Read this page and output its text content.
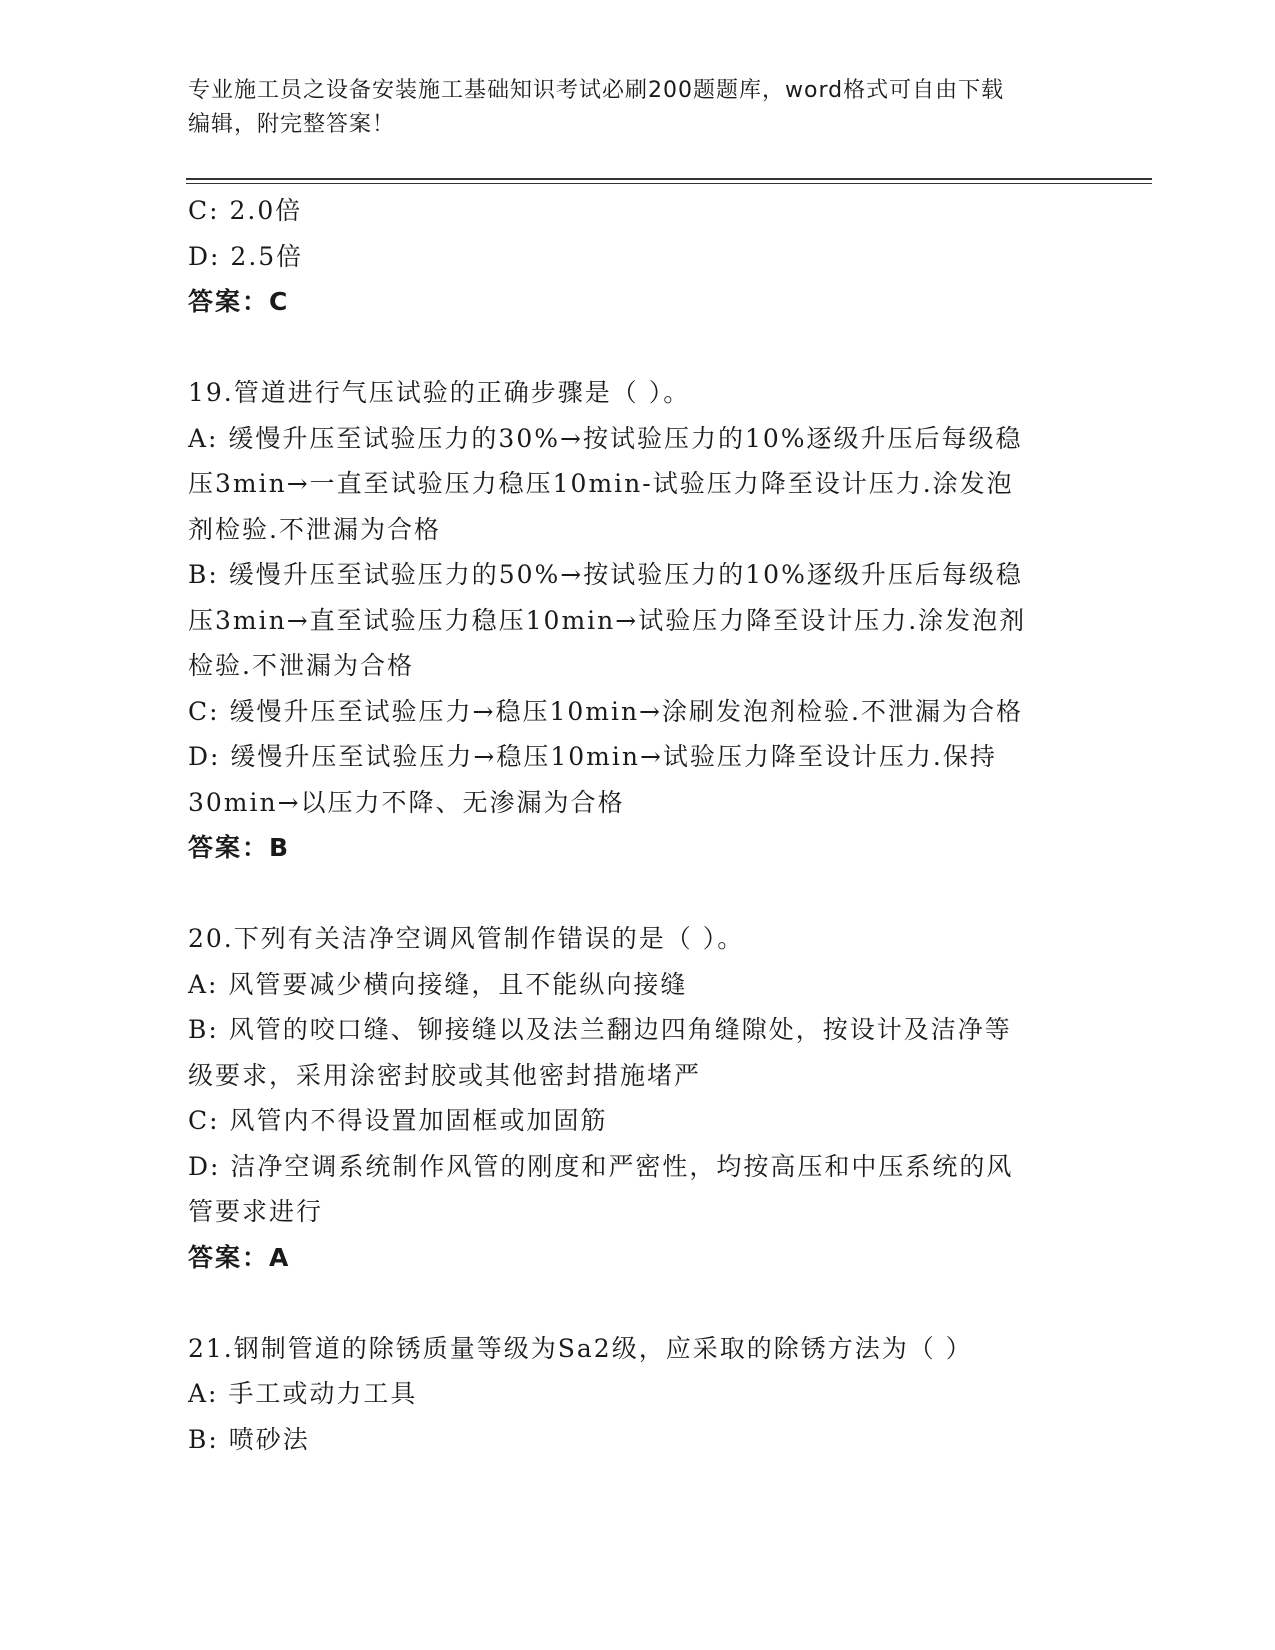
专业施工员之设备安装施工基础知识考试必刷200题题库，word格式可自由下载
编辑，附完整答案！
C: 2.0倍
D: 2.5倍
答案：C
19.管道进行气压试验的正确步骤是（ ）。
A: 缓慢升压至试验压力的30%→按试验压力的10%逐级升压后每级稳
压3min→一直至试验压力稳压10min-试验压力降至设计压力.涂发泡
剂检验.不泄漏为合格
B: 缓慢升压至试验压力的50%→按试验压力的10%逐级升压后每级稳
压3min→直至试验压力稳压10min→试验压力降至设计压力.涂发泡剂
检验.不泄漏为合格
C: 缓慢升压至试验压力→稳压10min→涂刷发泡剂检验.不泄漏为合格
D: 缓慢升压至试验压力→稳压10min→试验压力降至设计压力.保持
30min→以压力不降、无渗漏为合格
答案：B
20.下列有关洁净空调风管制作错误的是（ ）。
A: 风管要减少横向接缝，且不能纵向接缝
B: 风管的咬口缝、铆接缝以及法兰翻边四角缝隙处，按设计及洁净等
级要求，采用涂密封胶或其他密封措施堵严
C: 风管内不得设置加固框或加固筋
D: 洁净空调系统制作风管的刚度和严密性，均按高压和中压系统的风
管要求进行
答案：A
21.钢制管道的除锈质量等级为Sa2级，应采取的除锈方法为（ ）
A: 手工或动力工具
B: 喷砂法
